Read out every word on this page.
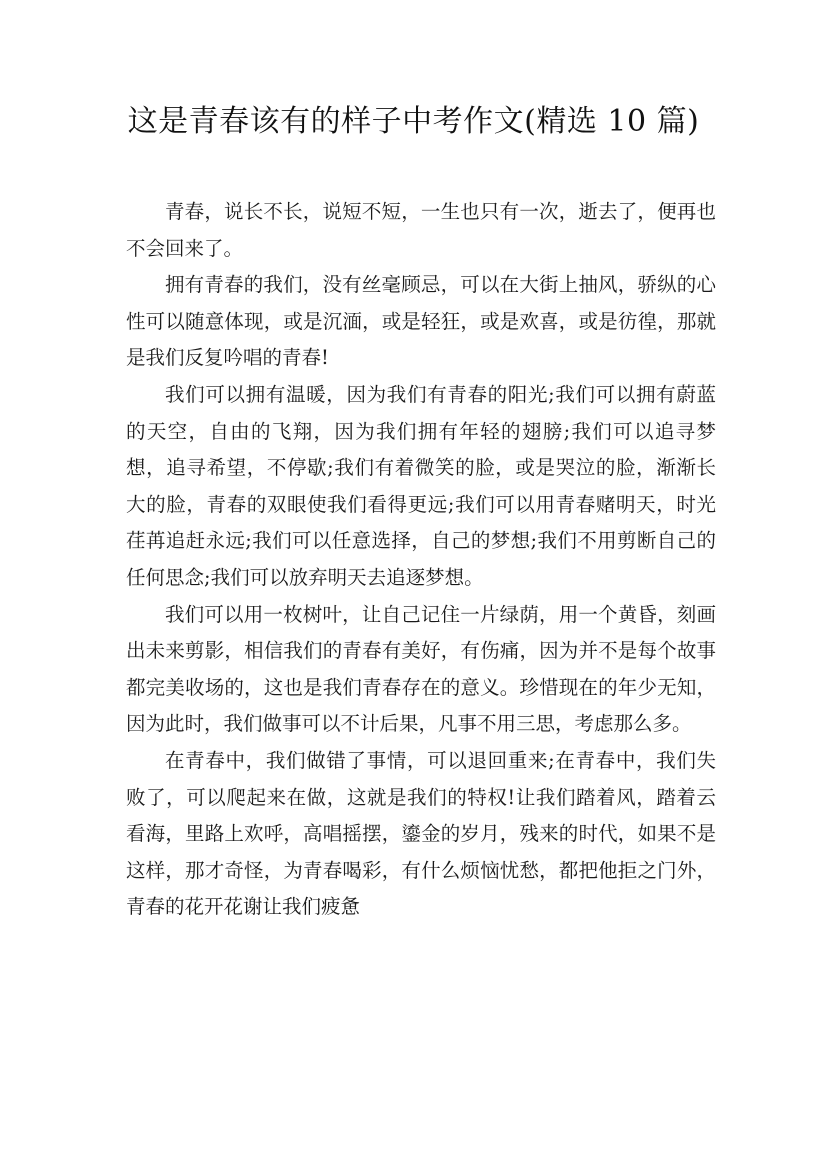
这是青春该有的样子中考作文(精选 10 篇)

青春，说长不长，说短不短，一生也只有一次，逝去了，便再也不会回来了。

拥有青春的我们，没有丝毫顾忌，可以在大街上抽风，骄纵的心性可以随意体现，或是沉湎，或是轻狂，或是欢喜，或是彷徨，那就是我们反复吟唱的青春!

我们可以拥有温暖，因为我们有青春的阳光;我们可以拥有蔚蓝的天空，自由的飞翔，因为我们拥有年轻的翅膀;我们可以追寻梦想，追寻希望，不停歇;我们有着微笑的脸，或是哭泣的脸，渐渐长大的脸，青春的双眼使我们看得更远;我们可以用青春赌明天，时光荏苒追赶永远;我们可以任意选择，自己的梦想;我们不用剪断自己的任何思念;我们可以放弃明天去追逐梦想。

我们可以用一枚树叶，让自己记住一片绿荫，用一个黄昏，刻画出未来剪影，相信我们的青春有美好，有伤痛，因为并不是每个故事都完美收场的，这也是我们青春存在的意义。珍惜现在的年少无知，因为此时，我们做事可以不计后果，凡事不用三思，考虑那么多。

在青春中，我们做错了事情，可以退回重来;在青春中，我们失败了，可以爬起来在做，这就是我们的特权!让我们踏着风，踏着云看海，里路上欢呼，高唱摇摆，鎏金的岁月，残来的时代，如果不是这样，那才奇怪，为青春喝彩，有什么烦恼忧愁，都把他拒之门外，青春的花开花谢让我们疲惫
